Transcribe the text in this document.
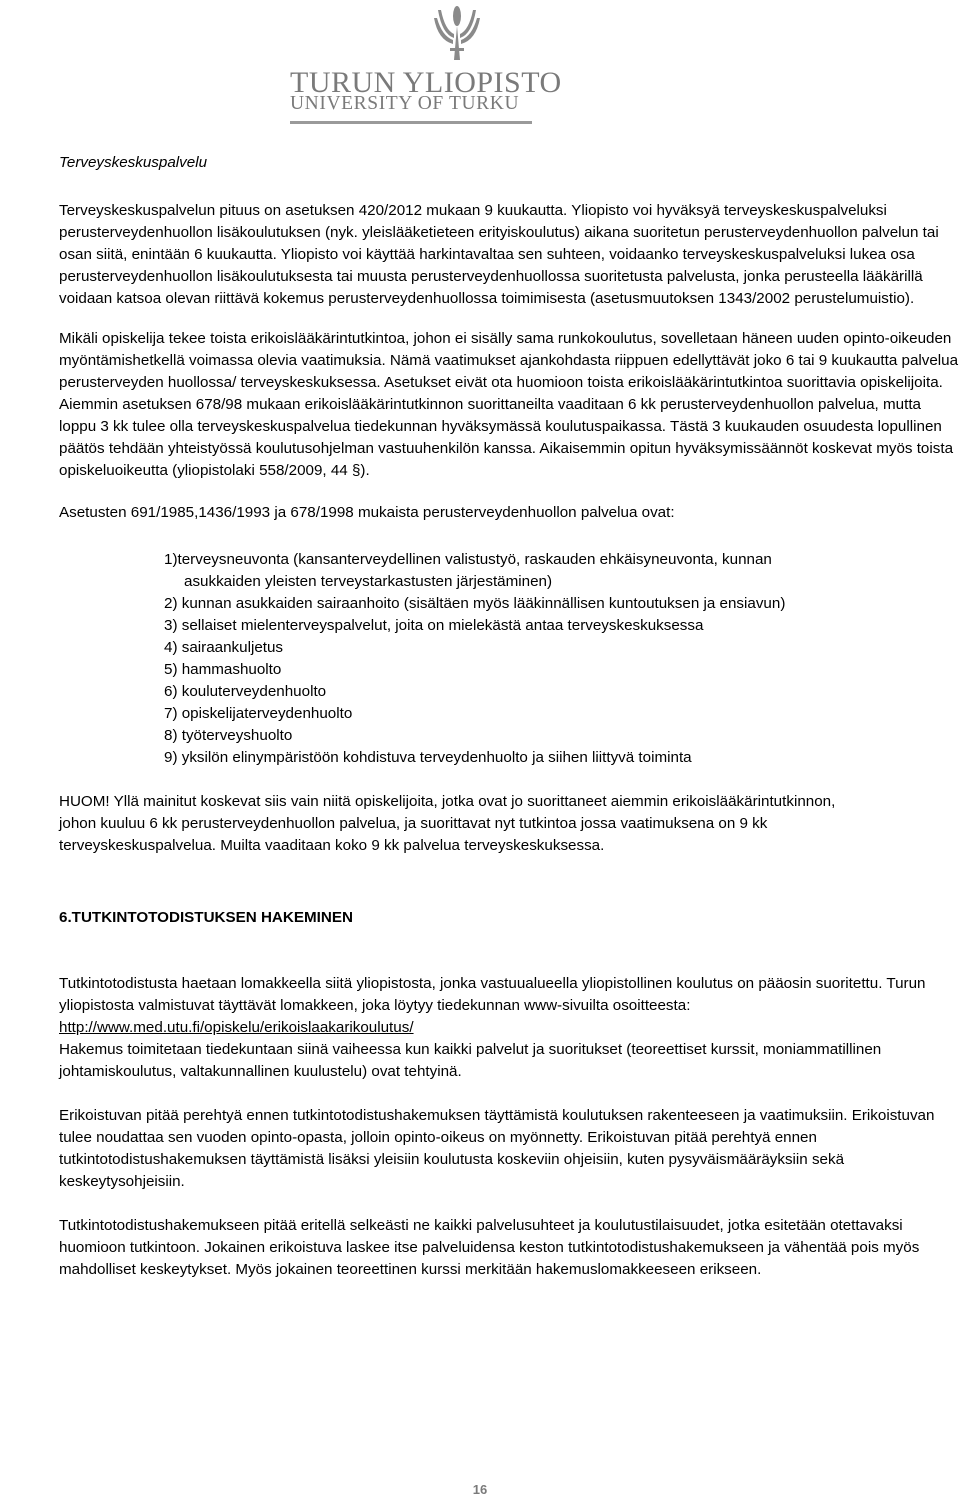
TURUN YLIOPISTO
UNIVERSITY OF TURKU

Terveyskeskuspalvelu

Terveyskeskuspalvelun pituus on asetuksen 420/2012 mukaan 9 kuukautta. Yliopisto voi hyväksyä terveyskeskuspalveluksi perusterveydenhuollon lisäkoulutuksen (nyk. yleislääketieteen erityiskoulutus) aikana suoritetun perusterveydenhuollon palvelun tai osan siitä, enintään 6 kuukautta. Yliopisto voi käyttää harkintavaltaa sen suhteen, voidaanko terveyskeskuspalveluksi lukea osa perusterveydenhuollon lisäkoulutuksesta tai muusta perusterveydenhuollossa suoritetusta palvelusta, jonka perusteella lääkärillä voidaan katsoa olevan riittävä kokemus perusterveydenhuollossa toimimisesta (asetusmuutoksen 1343/2002 perustelumuistio).

Mikäli opiskelija tekee toista erikoislääkärintutkintoa, johon ei sisälly sama runkokoulutus, sovelletaan häneen uuden opinto-oikeuden myöntämishetkellä voimassa olevia vaatimuksia. Nämä vaatimukset ajankohdasta riippuen edellyttävät joko 6 tai 9 kuukautta palvelua perusterveyden huollossa/ terveyskeskuksessa. Asetukset eivät ota huomioon toista erikoislääkärintutkintoa suorittavia opiskelijoita. Aiemmin asetuksen 678/98 mukaan erikoislääkärintutkinnon suorittaneilta vaaditaan 6 kk perusterveydenhuollon palvelua, mutta loppu 3 kk tulee olla terveyskeskuspalvelua tiedekunnan hyväksymässä koulutuspaikassa. Tästä 3 kuukauden osuudesta lopullinen päätös tehdään yhteistyössä koulutusohjelman vastuuhenkilön kanssa. Aikaisemmin opitun hyväksymissäännöt koskevat myös toista opiskeluoikeutta (yliopistolaki 558/2009, 44 §).

Asetusten 691/1985,1436/1993 ja 678/1998 mukaista perusterveydenhuollon palvelua ovat:

1)terveysneuvonta (kansanterveydellinen valistustyö, raskauden ehkäisyneuvonta, kunnan
asukkaiden yleisten terveystarkastusten järjestäminen)
2) kunnan asukkaiden sairaanhoito (sisältäen myös lääkinnällisen kuntoutuksen ja ensiavun)
3) sellaiset mielenterveyspalvelut, joita on mielekästä antaa terveyskeskuksessa
4) sairaankuljetus
5) hammashuolto
6) kouluterveydenhuolto
7) opiskelijaterveydenhuolto
8) työterveyshuolto
9) yksilön elinympäristöön kohdistuva terveydenhuolto ja siihen liittyvä toiminta

HUOM! Yllä mainitut koskevat siis vain niitä opiskelijoita, jotka ovat jo suorittaneet aiemmin erikoislääkärintutkinnon, johon kuuluu 6 kk perusterveydenhuollon palvelua, ja suorittavat nyt tutkintoa jossa vaatimuksena on 9 kk terveyskeskuspalvelua. Muilta vaaditaan koko 9 kk palvelua terveyskeskuksessa.

6.TUTKINTOTODISTUKSEN HAKEMINEN

Tutkintotodistusta haetaan lomakkeella siitä yliopistosta, jonka vastuualueella yliopistollinen koulutus on pääosin suoritettu. Turun yliopistosta valmistuvat täyttävät lomakkeen, joka löytyy tiedekunnan www-sivuilta osoitteesta:

http://www.med.utu.fi/opiskelu/erikoislaakarikoulutus/

Hakemus toimitetaan tiedekuntaan siinä vaiheessa kun kaikki palvelut ja suoritukset (teoreettiset kurssit, moniammatillinen johtamiskoulutus, valtakunnallinen kuulustelu) ovat tehtyinä.

Erikoistuvan pitää perehtyä ennen tutkintotodistushakemuksen täyttämistä koulutuksen rakenteeseen ja vaatimuksiin. Erikoistuvan tulee noudattaa sen vuoden opinto-opasta, jolloin opinto-oikeus on myönnetty. Erikoistuvan pitää perehtyä ennen tutkintotodistushakemuksen täyttämistä lisäksi yleisiin koulutusta koskeviin ohjeisiin, kuten pysyväismääräyksiin sekä keskeytysohjeisiin.

Tutkintotodistushakemukseen pitää eritellä selkeästi ne kaikki palvelusuhteet ja koulutustilaisuudet, jotka esitetään otettavaksi huomioon tutkintoon. Jokainen erikoistuva laskee itse palveluidensa keston tutkintotodistushakemukseen ja vähentää pois myös mahdolliset keskeytykset. Myös jokainen teoreettinen kurssi merkitään hakemuslomakkeeseen erikseen.

16
